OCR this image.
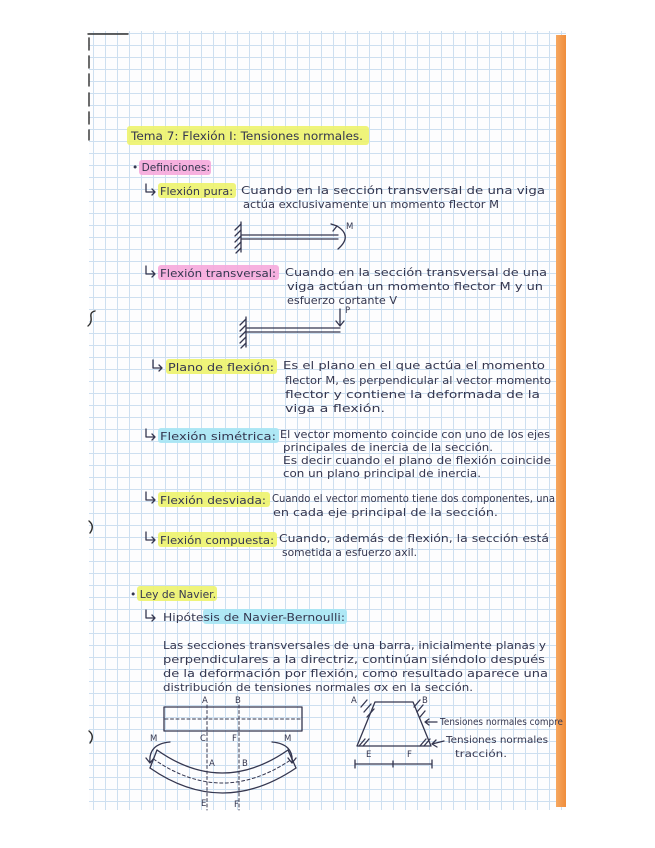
Tema 7: Flexión I: Tensiones normales.
• Definiciones:
Flexión pura: Cuando en la sección transversal de una viga
actúa exclusivamente un momento flector M
M
Flexión transversal: Cuando en la sección transversal de una
viga actúan un momento flector M y un
esfuerzo cortante V
P
Plano de flexión: Es el plano en el que actúa el momento
flector M, es perpendicular al vector momento
flector y contiene la deformada de la
viga a flexión.
Flexión simétrica: El vector momento coincide con uno de los ejes
principales de inercia de la sección.
Es decir cuando el plano de flexión coincide
con un plano principal de inercia.
Flexión desviada: Cuando el vector momento tiene dos componentes, una
en cada eje principal de la sección.
Flexión compuesta: Cuando, además de flexión, la sección está
sometida a esfuerzo axil.
• Ley de Navier.
Hipótesis de Navier-Bernoulli:
Las secciones transversales de una barra, inicialmente planas y
perpendiculares a la directriz, continúan siéndolo después
de la deformación por flexión, como resultado aparece una
distribución de tensiones normales σx en la sección.
A	B
C	F
A	B
E	F
M	M
A	B
E	F
Tensiones normales compre
Tensiones normales
tracción.
